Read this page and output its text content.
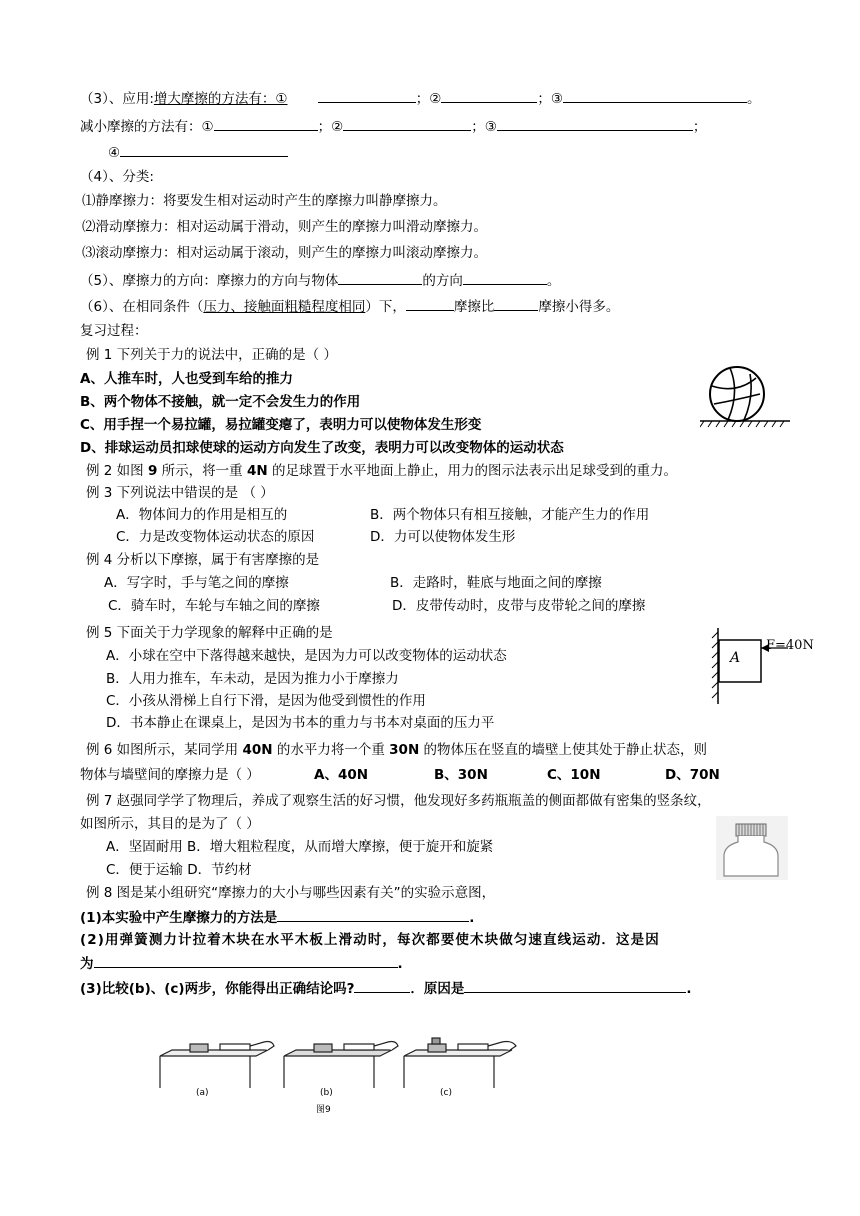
（3）、应用:增大摩擦的方法有：①	；②	；③	。
减小摩擦的方法有：①	；②	；③	；
④
（4）、分类:
⑴静摩擦力：将要发生相对运动时产生的摩擦力叫静摩擦力。
⑵滑动摩擦力：相对运动属于滑动，则产生的摩擦力叫滑动摩擦力。
⑶滚动摩擦力：相对运动属于滚动，则产生的摩擦力叫滚动摩擦力。
（5）、摩擦力的方向：摩擦力的方向与物体	的方向	。
（6）、在相同条件（压力、接触面粗糙程度相同）下，	摩擦比	摩擦小得多。
复习过程：
例 1 下列关于力的说法中，正确的是（ ）
A、人推车时，人也受到车给的推力
B、两个物体不接触，就一定不会发生力的作用
C、用手捏一个易拉罐，易拉罐变瘪了，表明力可以使物体发生形变
D、排球运动员扣球使球的运动方向发生了改变，表明力可以改变物体的运动状态
例 2 如图 9 所示，将一重 4N 的足球置于水平地面上静止，用力的图示法表示出足球受到的重力。
例 3 下列说法中错误的是 （ ）
A．物体间力的作用是相互的	B．两个物体只有相互接触，才能产生力的作用
C．力是改变物体运动状态的原因	D．力可以使物体发生形
例 4 分析以下摩擦，属于有害摩擦的是
A．写字时，手与笔之间的摩擦	B．走路时，鞋底与地面之间的摩擦
C．骑车时，车轮与车轴之间的摩擦	D．皮带传动时，皮带与皮带轮之间的摩擦
例 5 下面关于力学现象的解释中正确的是
A．小球在空中下落得越来越快，是因为力可以改变物体的运动状态
B．人用力推车，车未动，是因为推力小于摩擦力
C．小孩从滑梯上自行下滑，是因为他受到惯性的作用
D．书本静止在课桌上，是因为书本的重力与书本对桌面的压力平
A
F=40N
例 6 如图所示，某同学用 40N 的水平力将一个重 30N 的物体压在竖直的墙壁上使其处于静止状态，则
物体与墙壁间的摩擦力是（ ）	A、40N	B、30N	C、10N	D、70N
例 7 赵强同学学了物理后，养成了观察生活的好习惯，他发现好多药瓶瓶盖的侧面都做有密集的竖条纹，
如图所示，其目的是为了（ ）
A．坚固耐用 B．增大粗粒程度，从而增大摩擦，便于旋开和旋紧
C．便于运输 D．节约材
例 8 图是某小组研究“摩擦力的大小与哪些因素有关”的实验示意图，
(1)本实验中产生摩擦力的方法是	.
(2)用弹簧测力计拉着木块在水平木板上滑动时，每次都要使木块做匀速直线运动．这是因
为	.
(3)比较(b)、(c)两步，你能得出正确结论吗?	．原因是	.
(a)	(b)	(c)
图9
